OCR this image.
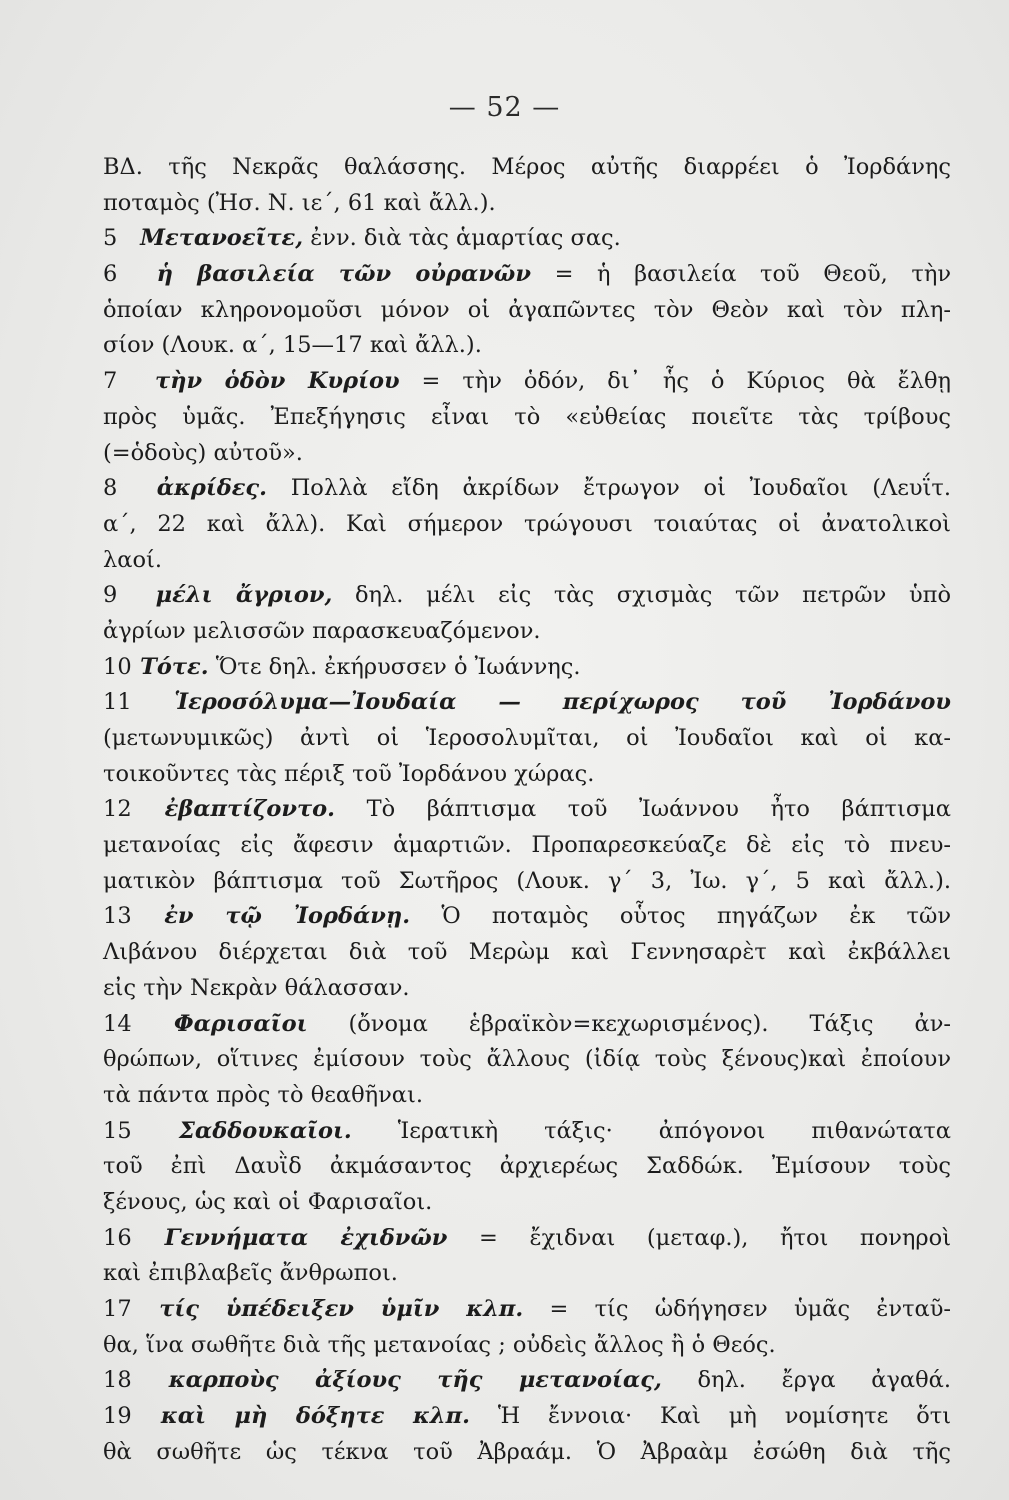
— 52 —
ΒΔ. τῆς Νεκρᾶς θαλάσσης. Μέρος αὐτῆς διαρρέει ὁ Ἰορδάνης
ποταμὸς (Ἠσ. Ν. ιε΄, 61 καὶ ἄλλ.).
5 Μετανοεῖτε, ἐνν. διὰ τὰς ἁμαρτίας σας.
6 ἡ βασιλεία τῶν οὐρανῶν = ἡ βασιλεία τοῦ Θεοῦ, τὴν
ὁποίαν κληρονομοῦσι μόνον οἱ ἀγαπῶντες τὸν Θεὸν καὶ τὸν πλη-
σίον (Λουκ. α΄, 15—17 καὶ ἄλλ.).
7 τὴν ὁδὸν Κυρίου = τὴν ὁδόν, δι᾽ ἧς ὁ Κύριος θὰ ἔλθῃ
πρὸς ὑμᾶς. Ἐπεξήγησις εἶναι τὸ «εὐθείας ποιεῖτε τὰς τρίβους
(=ὁδοὺς) αὐτοῦ».
8 ἀκρίδες. Πολλὰ εἴδη ἀκρίδων ἔτρωγον οἱ Ἰουδαῖοι (Λευΐτ.
α΄, 22 καὶ ἄλλ). Καὶ σήμερον τρώγουσι τοιαύτας οἱ ἀνατολικοὶ
λαοί.
9 μέλι ἄγριον, δηλ. μέλι εἰς τὰς σχισμὰς τῶν πετρῶν ὑπὸ
ἀγρίων μελισσῶν παρασκευαζόμενον.
10 Τότε. Ὅτε δηλ. ἐκήρυσσεν ὁ Ἰωάννης.
11 Ἱεροσόλυμα—Ἰουδαία — περίχωρος τοῦ Ἰορδάνου
(μετωνυμικῶς) ἀντὶ οἱ Ἱεροσολυμῖται, οἱ Ἰουδαῖοι καὶ οἱ κα-
τοικοῦντες τὰς πέριξ τοῦ Ἰορδάνου χώρας.
12 ἐβαπτίζοντο. Τὸ βάπτισμα τοῦ Ἰωάννου ἦτο βάπτισμα
μετανοίας εἰς ἄφεσιν ἁμαρτιῶν. Προπαρεσκεύαζε δὲ εἰς τὸ πνευ-
ματικὸν βάπτισμα τοῦ Σωτῆρος (Λουκ. γ΄ 3, Ἰω. γ΄, 5 καὶ ἄλλ.).
13 ἐν τῷ Ἰορδάνῃ. Ὁ ποταμὸς οὗτος πηγάζων ἐκ τῶν
Λιβάνου διέρχεται διὰ τοῦ Μερὼμ καὶ Γεννησαρὲτ καὶ ἐκβάλλει
εἰς τὴν Νεκρὰν θάλασσαν.
14 Φαρισαῖοι (ὄνομα ἑβραϊκὸν=κεχωρισμένος). Τάξις ἀν-
θρώπων, οἵτινες ἐμίσουν τοὺς ἄλλους (ἰδίᾳ τοὺς ξένους)καὶ ἐποίουν
τὰ πάντα πρὸς τὸ θεαθῆναι.
15 Σαδδουκαῖοι. Ἱερατικὴ τάξις· ἀπόγονοι πιθανώτατα
τοῦ ἐπὶ Δαυῒδ ἀκμάσαντος ἀρχιερέως Σαδδώκ. Ἐμίσουν τοὺς
ξένους, ὡς καὶ οἱ Φαρισαῖοι.
16 Γεννήματα ἐχιδνῶν = ἔχιδναι (μεταφ.), ἤτοι πονηροὶ
καὶ ἐπιβλαβεῖς ἄνθρωποι.
17 τίς ὑπέδειξεν ὑμῖν κλπ. = τίς ὡδήγησεν ὑμᾶς ἐνταῦ-
θα, ἵνα σωθῆτε διὰ τῆς μετανοίας ; οὐδεὶς ἄλλος ἢ ὁ Θεός.
18 καρποὺς ἀξίους τῆς μετανοίας, δηλ. ἔργα ἀγαθά.
19 καὶ μὴ δόξητε κλπ. Ἡ ἔννοια· Καὶ μὴ νομίσητε ὅτι
θὰ σωθῆτε ὡς τέκνα τοῦ Ἀβραάμ. Ὁ Ἀβραὰμ ἐσώθη διὰ τῆς
